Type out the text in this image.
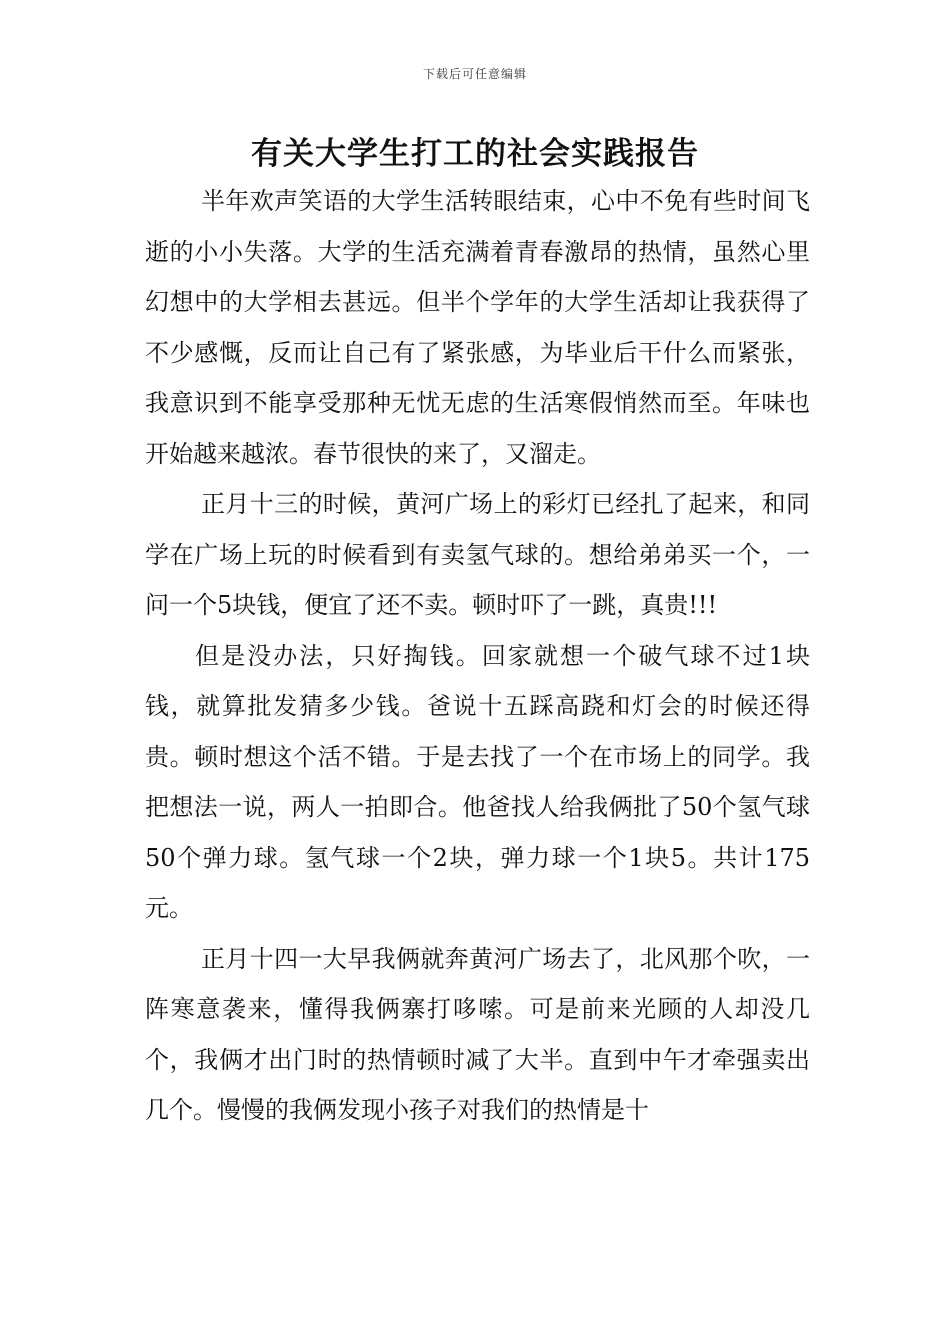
下载后可任意编辑
有关大学生打工的社会实践报告

半年欢声笑语的大学生活转眼结束，心中不免有些时间飞逝的小小失落。大学的生活充满着青春激昂的热情，虽然心里幻想中的大学相去甚远。但半个学年的大学生活却让我获得了不少感慨，反而让自己有了紧张感，为毕业后干什么而紧张，我意识到不能享受那种无忧无虑的生活寒假悄然而至。年味也开始越来越浓。春节很快的来了，又溜走。

正月十三的时候，黄河广场上的彩灯已经扎了起来，和同学在广场上玩的时候看到有卖氢气球的。想给弟弟买一个，一问一个5块钱，便宜了还不卖。顿时吓了一跳，真贵!!!

但是没办法，只好掏钱。回家就想一个破气球不过1块钱，就算批发猜多少钱。爸说十五踩高跷和灯会的时候还得贵。顿时想这个活不错。于是去找了一个在市场上的同学。我把想法一说，两人一拍即合。他爸找人给我俩批了50个氢气球50个弹力球。氢气球一个2块，弹力球一个1块5。共计175元。

正月十四一大早我俩就奔黄河广场去了，北风那个吹，一阵寒意袭来，懂得我俩寨打哆嗦。可是前来光顾的人却没几个，我俩才出门时的热情顿时减了大半。直到中午才牵强卖出几个。慢慢的我俩发现小孩子对我们的热情是十
